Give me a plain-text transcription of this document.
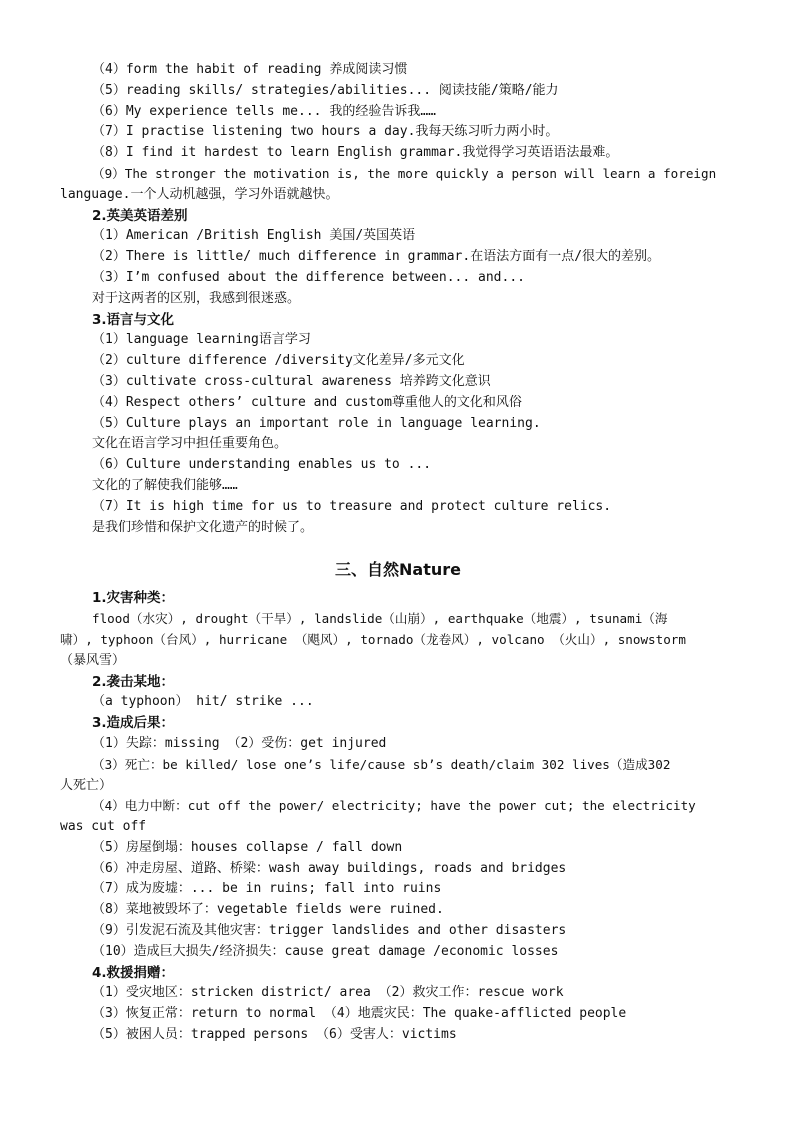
（4）form the habit of reading 养成阅读习惯
（5）reading skills/ strategies/abilities... 阅读技能/策略/能力
（6）My experience tells me... 我的经验告诉我……
（7）I practise listening two hours a day.我每天练习听力两小时。
（8）I find it hardest to learn English grammar.我觉得学习英语语法最难。
（9）The stronger the motivation is, the more quickly a person will learn a foreign
language.一个人动机越强，学习外语就越快。
2.英美英语差别
（1）American /British English 美国/英国英语
（2）There is little/ much difference in grammar.在语法方面有一点/很大的差别。
（3）I’m confused about the difference between... and...
对于这两者的区别，我感到很迷惑。
3.语言与文化
（1）language learning语言学习
（2）culture difference /diversity文化差异/多元文化
（3）cultivate cross-cultural awareness 培养跨文化意识
（4）Respect others’ culture and custom尊重他人的文化和风俗
（5）Culture plays an important role in language learning.
文化在语言学习中担任重要角色。
（6）Culture understanding enables us to ...
文化的了解使我们能够……
（7）It is high time for us to treasure and protect culture relics.
是我们珍惜和保护文化遗产的时候了。
三、自然Nature
1.灾害种类：
flood（水灾）, drought（干旱）, landslide（山崩）, earthquake（地震）, tsunami（海
啸）, typhoon（台风）, hurricane （飓风）, tornado（龙卷风）, volcano （火山）, snowstorm
（暴风雪）
2.袭击某地：
（a typhoon） hit/ strike ...
3.造成后果：
（1）失踪：missing （2）受伤：get injured
（3）死亡：be killed/ lose one’s life/cause sb’s death/claim 302 lives（造成302
人死亡）
（4）电力中断：cut off the power/ electricity; have the power cut; the electricity
was cut off
（5）房屋倒塌：houses collapse / fall down
（6）冲走房屋、道路、桥梁：wash away buildings, roads and bridges
（7）成为废墟：... be in ruins; fall into ruins
（8）菜地被毁坏了：vegetable fields were ruined.
（9）引发泥石流及其他灾害：trigger landslides and other disasters
（10）造成巨大损失/经济损失：cause great damage /economic losses
4.救援捐赠：
（1）受灾地区：stricken district/ area （2）救灾工作：rescue work
（3）恢复正常：return to normal （4）地震灾民：The quake-afflicted people
（5）被困人员：trapped persons （6）受害人：victims
